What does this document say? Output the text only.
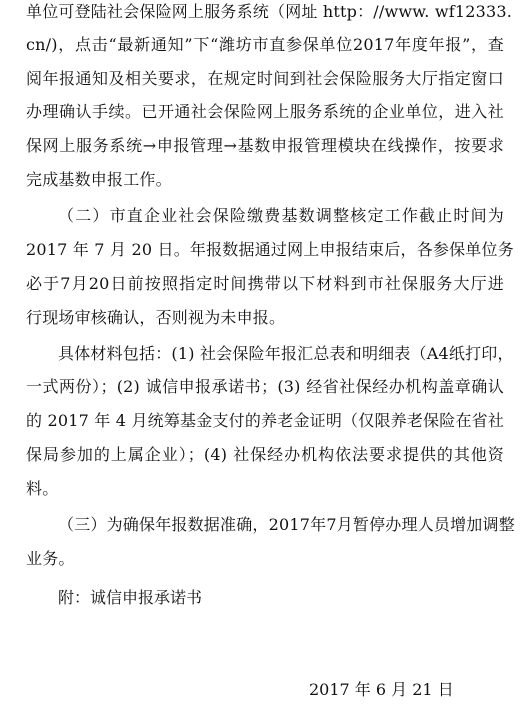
单位可登陆社会保险网上服务系统（网址 http：//www. wf12333.
cn/)，点击“最新通知”下“潍坊市直参保单位2017年度年报”，查
阅年报通知及相关要求，在规定时间到社会保险服务大厅指定窗口
办理确认手续。已开通社会保险网上服务系统的企业单位，进入社
保网上服务系统→申报管理→基数申报管理模块在线操作，按要求
完成基数申报工作。
（二）市直企业社会保险缴费基数调整核定工作截止时间为
2017 年 7 月 20 日。年报数据通过网上申报结束后，各参保单位务
必于7月20日前按照指定时间携带以下材料到市社保服务大厅进
行现场审核确认，否则视为未申报。
具体材料包括：(1) 社会保险年报汇总表和明细表（A4纸打印，
一式两份）；(2) 诚信申报承诺书；(3) 经省社保经办机构盖章确认
的 2017 年 4 月统筹基金支付的养老金证明（仅限养老保险在省社
保局参加的上属企业）；(4) 社保经办机构依法要求提供的其他资
料。
（三）为确保年报数据准确，2017年7月暂停办理人员增加调整
业务。
附：诚信申报承诺书
2017 年 6 月 21 日
